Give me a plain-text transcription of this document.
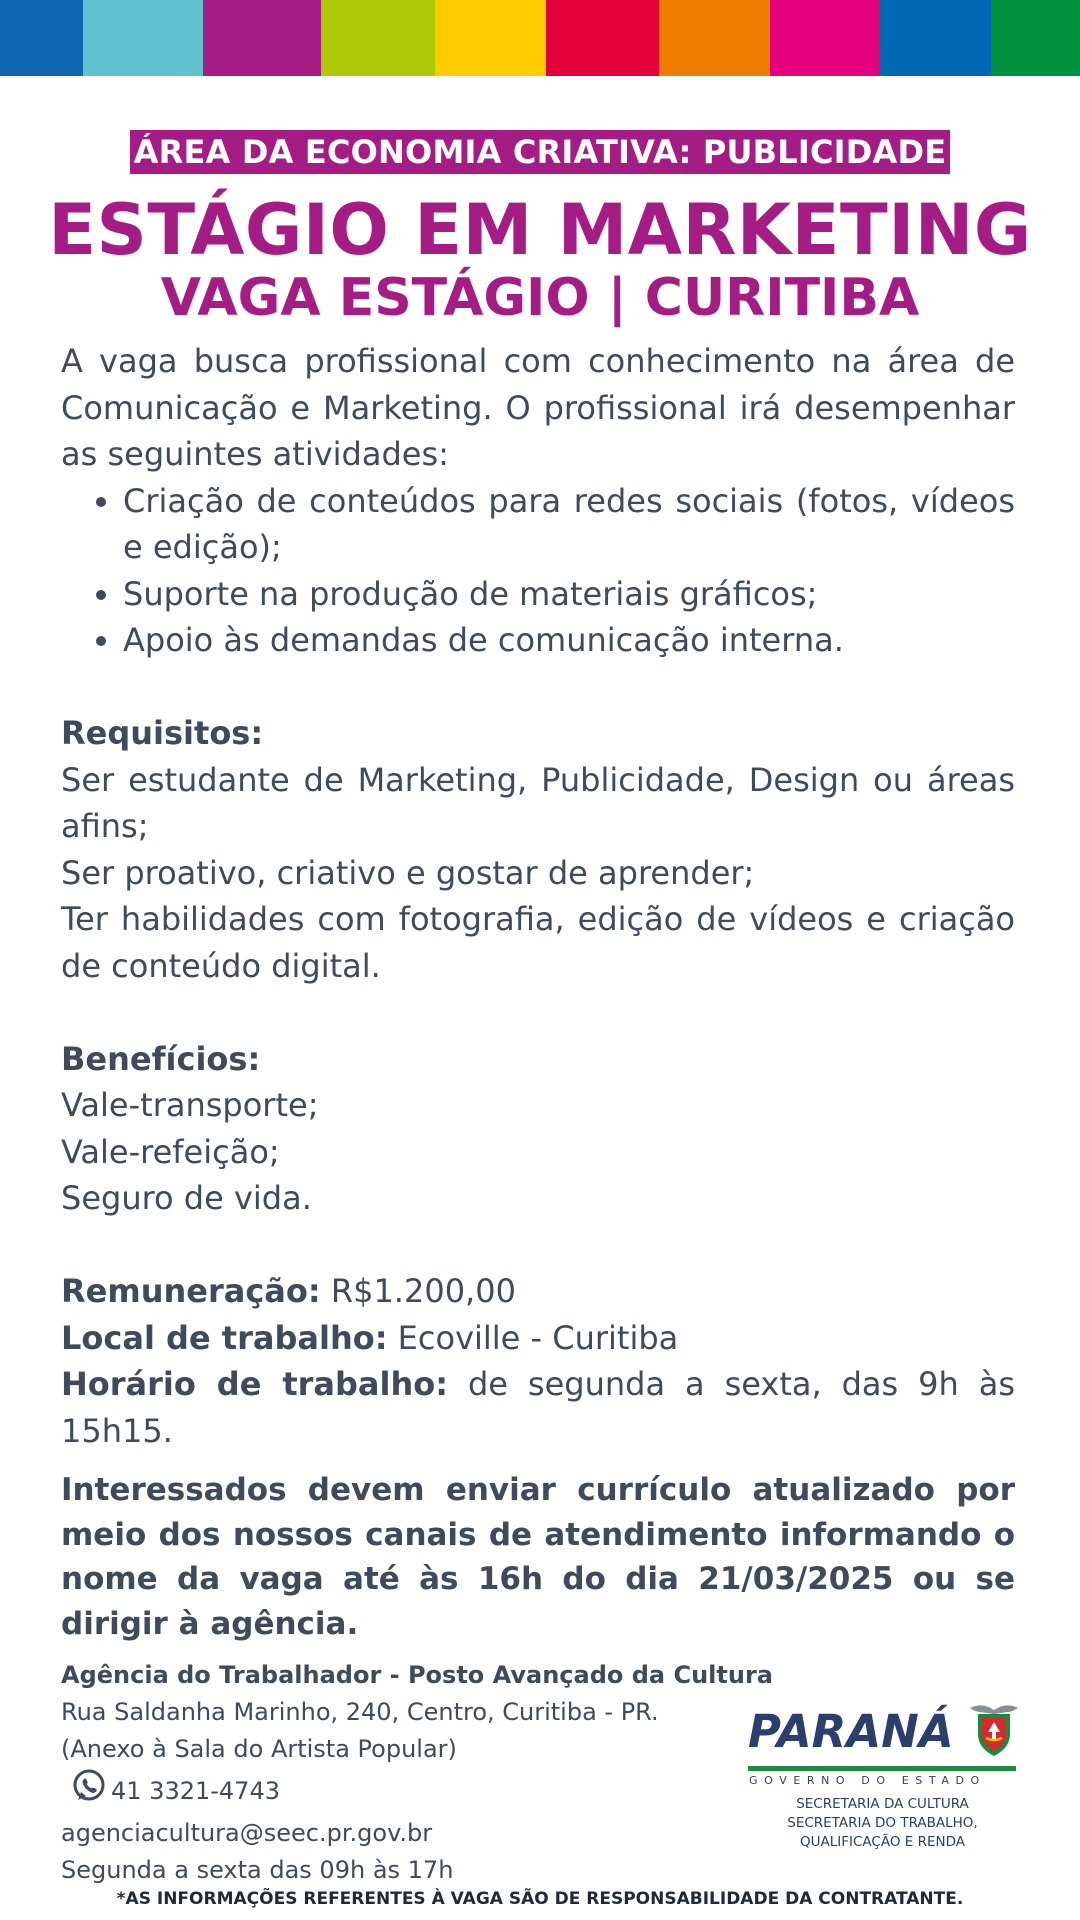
ÁREA DA ECONOMIA CRIATIVA: PUBLICIDADE
ESTÁGIO EM MARKETING
VAGA ESTÁGIO | CURITIBA

A vaga busca profissional com conhecimento na área de Comunicação e Marketing. O profissional irá desempenhar as seguintes atividades:

• Criação de conteúdos para redes sociais (fotos, vídeos e edição);
• Suporte na produção de materiais gráficos;
• Apoio às demandas de comunicação interna.

Requisitos:

Ser estudante de Marketing, Publicidade, Design ou áreas afins;

Ser proativo, criativo e gostar de aprender;

Ter habilidades com fotografia, edição de vídeos e criação de conteúdo digital.

Benefícios:

Vale-transporte;

Vale-refeição;

Seguro de vida.

Remuneração: R$1.200,00

Local de trabalho: Ecoville - Curitiba

Horário de trabalho: de segunda a sexta, das 9h às 15h15.

Interessados devem enviar currículo atualizado por meio dos nossos canais de atendimento informando o nome da vaga até às 16h do dia 21/03/2025 ou se dirigir à agência.
Agência do Trabalhador - Posto Avançado da Cultura
Rua Saldanha Marinho, 240, Centro, Curitiba - PR.
(Anexo à Sala do Artista Popular)
41 3321-4743
agenciacultura@seec.pr.gov.br
Segunda a sexta das 09h às 17h
PARANÁ
GOVERNO DO ESTADO
SECRETARIA DA CULTURA
SECRETARIA DO TRABALHO,
QUALIFICAÇÃO E RENDA
*AS INFORMAÇÕES REFERENTES À VAGA SÃO DE RESPONSABILIDADE DA CONTRATANTE.
